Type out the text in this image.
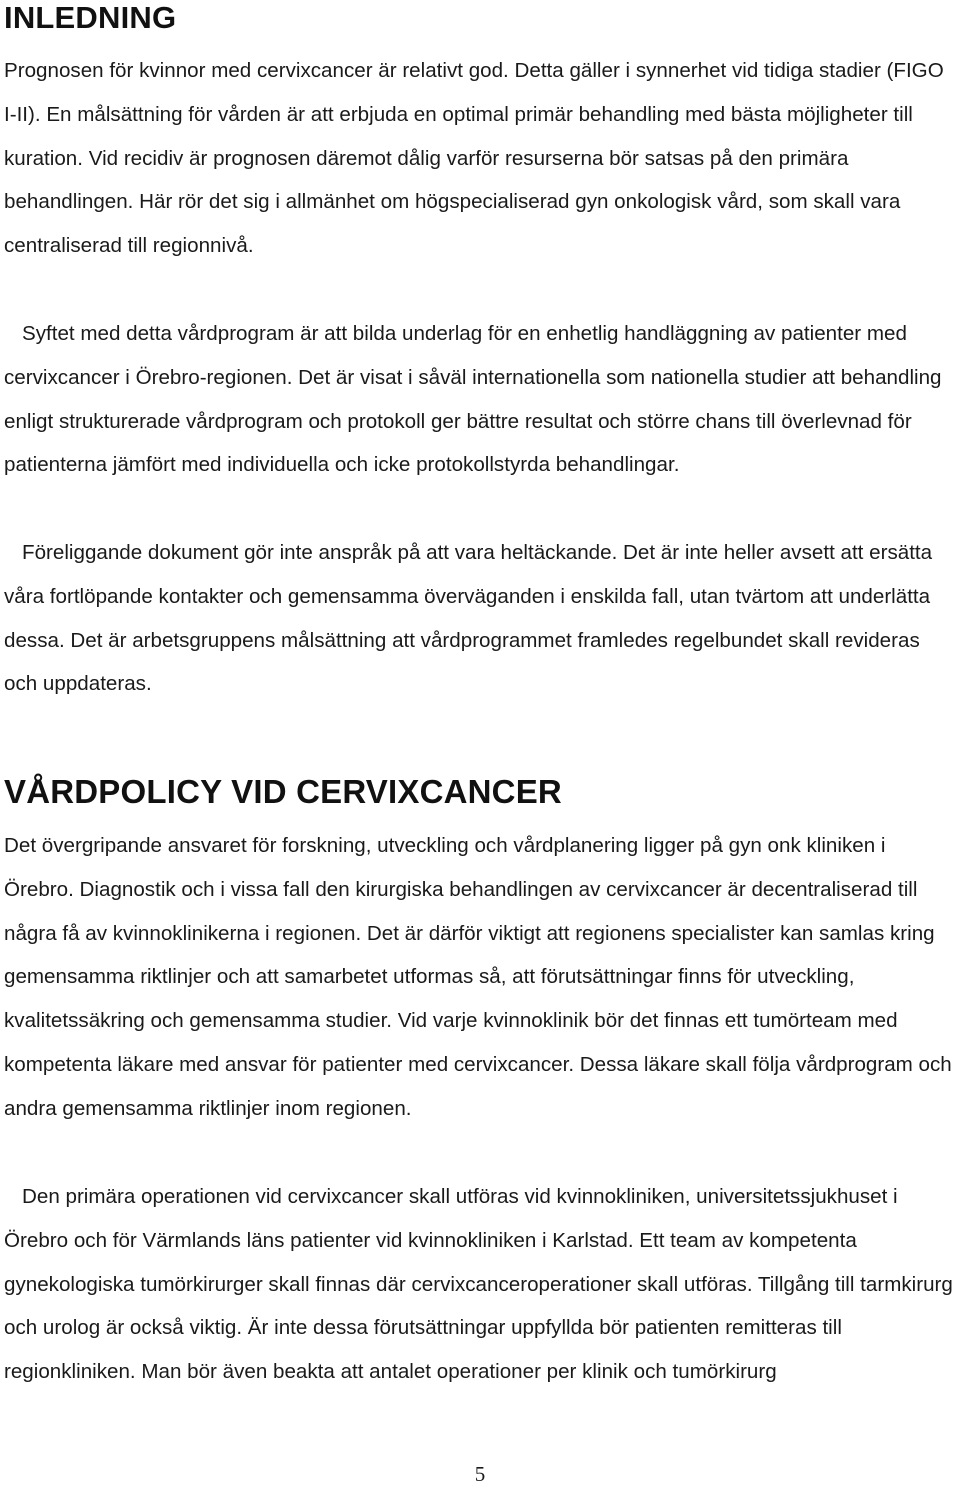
INLEDNING

Prognosen för kvinnor med cervixcancer är relativt god. Detta gäller i synnerhet vid tidiga stadier (FIGO I-II). En målsättning för vården är att erbjuda en optimal primär behandling med bästa möjligheter till kuration. Vid recidiv är prognosen däremot dålig varför resurserna bör satsas på den primära behandlingen. Här rör det sig i allmänhet om högspecialiserad gyn onkologisk vård, som skall vara centraliserad till regionnivå.

Syftet med detta vårdprogram är att bilda underlag för en enhetlig handläggning av patienter med cervixcancer i Örebro-regionen. Det är visat i såväl internationella som nationella studier att behandling enligt strukturerade vårdprogram och protokoll ger bättre resultat och större chans till överlevnad för patienterna jämfört med individuella och icke protokollstyrda behandlingar.

Föreliggande dokument gör inte anspråk på att vara heltäckande. Det är inte heller avsett att ersätta våra fortlöpande kontakter och gemensamma överväganden i enskilda fall, utan tvärtom att underlätta dessa. Det är arbetsgruppens målsättning att vårdprogrammet framledes regelbundet skall revideras och uppdateras.

VÅRDPOLICY VID CERVIXCANCER

Det övergripande ansvaret för forskning, utveckling och vårdplanering ligger på gyn onk kliniken i Örebro. Diagnostik och i vissa fall den kirurgiska behandlingen av cervixcancer är decentraliserad till några få av kvinnoklinikerna i regionen. Det är därför viktigt att regionens specialister kan samlas kring gemensamma riktlinjer och att samarbetet utformas så, att förutsättningar finns för utveckling, kvalitetssäkring och gemensamma studier. Vid varje kvinnoklinik bör det finnas ett tumörteam med kompetenta läkare med ansvar för patienter med cervixcancer. Dessa läkare skall följa vårdprogram och andra gemensamma riktlinjer inom regionen.

Den primära operationen vid cervixcancer skall utföras vid kvinnokliniken, universitetssjukhuset i Örebro och för Värmlands läns patienter vid kvinnokliniken i Karlstad. Ett team av kompetenta gynekologiska tumörkirurger skall finnas där cervixcanceroperationer skall utföras. Tillgång till tarmkirurg och urolog är också viktig. Är inte dessa förutsättningar uppfyllda bör patienten remitteras till regionkliniken. Man bör även beakta att antalet operationer per klinik och tumörkirurg

5
